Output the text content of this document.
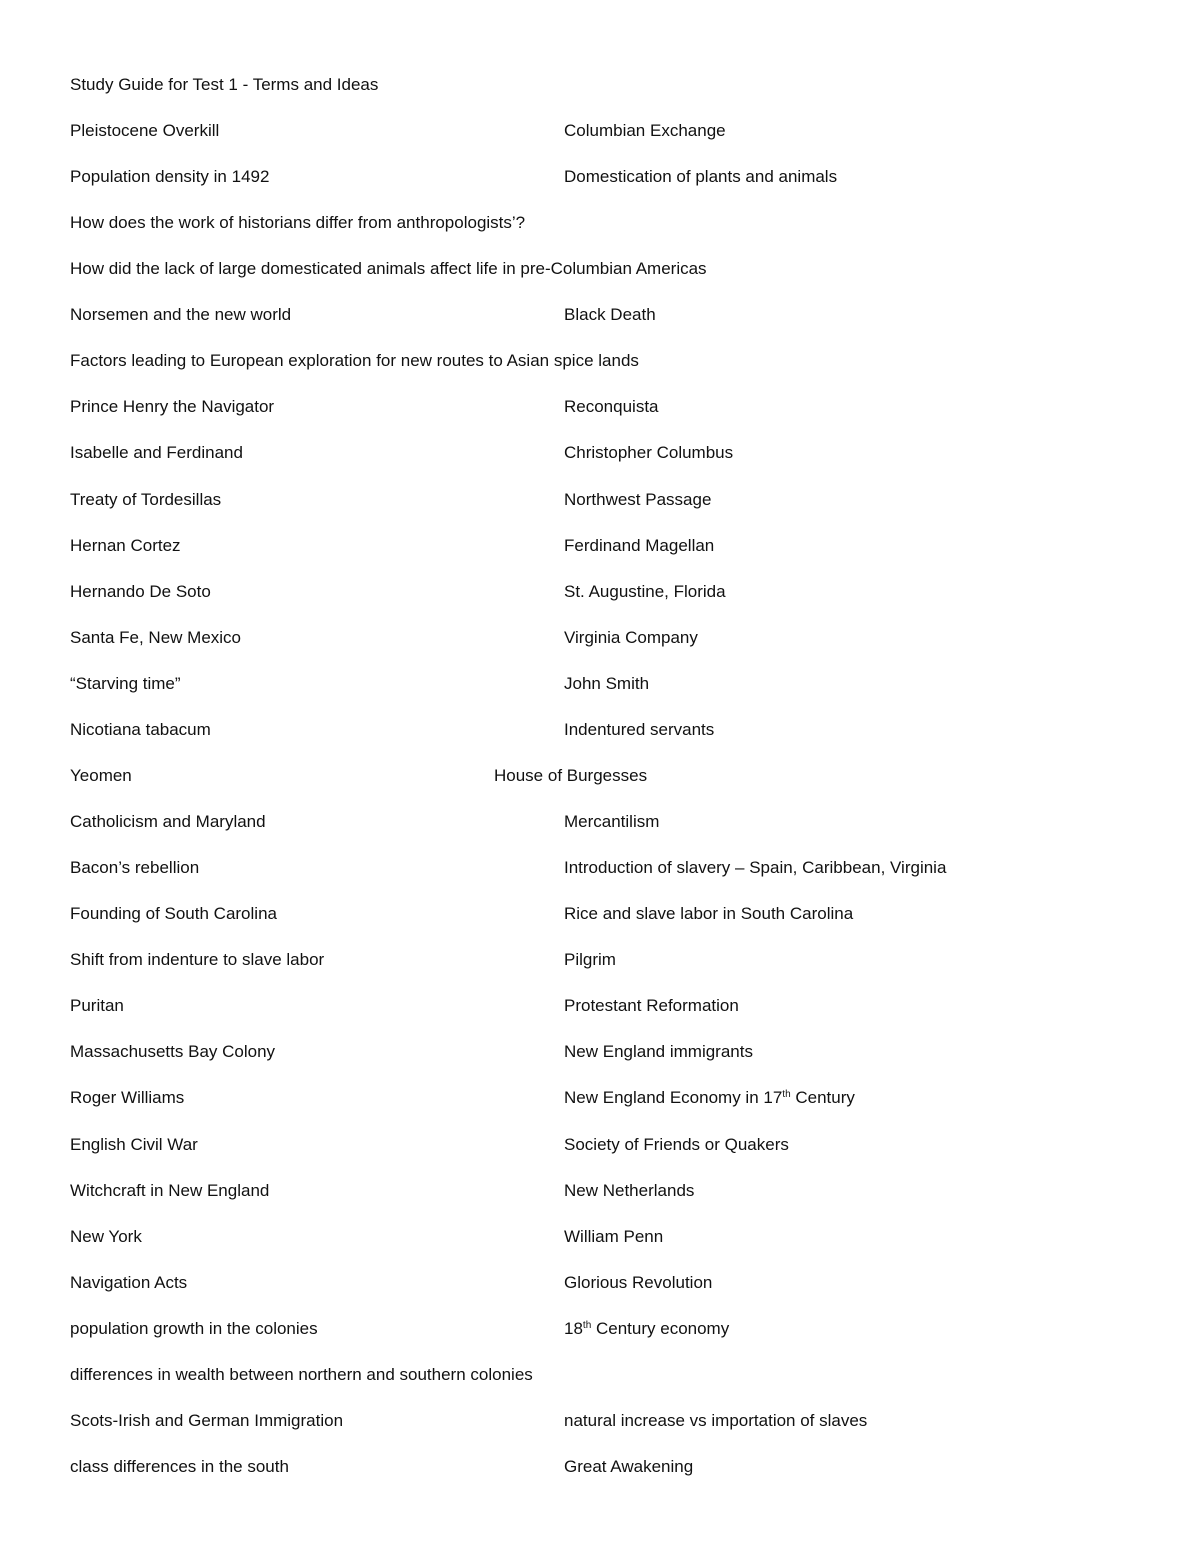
Study Guide for Test 1 - Terms and Ideas
Pleistocene Overkill	Columbian Exchange
Population density in 1492	Domestication of plants and animals
How does the work of historians differ from anthropologists’?
How did the lack of large domesticated animals affect life in pre-Columbian Americas
Norsemen and the new world	Black Death
Factors leading to European exploration for new routes to Asian spice lands
Prince Henry the Navigator	Reconquista
Isabelle and Ferdinand	Christopher Columbus
Treaty of Tordesillas	Northwest Passage
Hernan Cortez	Ferdinand Magellan
Hernando De Soto	St. Augustine, Florida
Santa Fe, New Mexico	Virginia Company
“Starving time”	John Smith
Nicotiana tabacum	Indentured servants
Yeomen	House of Burgesses
Catholicism and Maryland	Mercantilism
Bacon’s rebellion	Introduction of slavery – Spain, Caribbean, Virginia
Founding of South Carolina	Rice and slave labor in South Carolina
Shift from indenture to slave labor	Pilgrim
Puritan	Protestant Reformation
Massachusetts Bay Colony	New England immigrants
Roger Williams	New England Economy in 17th Century
English Civil War	Society of Friends or Quakers
Witchcraft in New England	New Netherlands
New York	William Penn
Navigation Acts	Glorious Revolution
population growth in the colonies	18th Century economy
differences in wealth between northern and southern colonies
Scots-Irish and German Immigration	natural increase vs importation of slaves
class differences in the south	Great Awakening
